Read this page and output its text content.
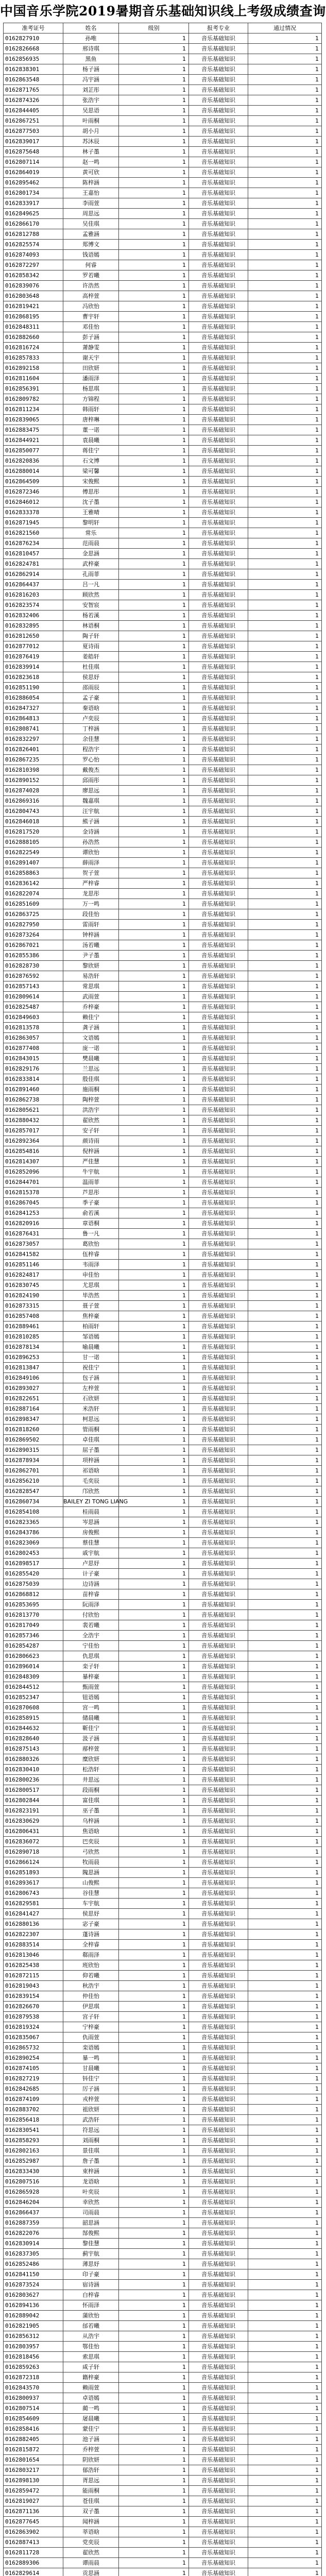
中国音乐学院2019暑期音乐基础知识线上考级成绩查询
准考证号	姓名	级别	报考专业	通过情况
0162827910	孙唯	1	音乐基础知识	1
0162826668	邢诗琪	1	音乐基础知识	1
0162856935	黑鱼	1	音乐基础知识	1
0162838301	杨子涵	1	音乐基础知识	1
0162863548	冯宇涵	1	音乐基础知识	1
0162871765	刘芷彤	1	音乐基础知识	1
0162874326	张浩宇	1	音乐基础知识	1
0162844405	吴思语	1	音乐基础知识	1
0162867251	叶雨桐	1	音乐基础知识	1
0162877503	胡小月	1	音乐基础知识	1
0162839017	苏沐辰	1	音乐基础知识	1
0162875648	林子墨	1	音乐基础知识	1
0162807114	赵一鸣	1	音乐基础知识	1
0162864019	黄可欣	1	音乐基础知识	1
0162895462	陈梓涵	1	音乐基础知识	1
0162801734	王嘉怡	1	音乐基础知识	1
0162833917	李雨萱	1	音乐基础知识	1
0162849625	周思远	1	音乐基础知识	1
0162866170	吴佳琪	1	音乐基础知识	1
0162812788	孟雅涵	1	音乐基础知识	1
0162825574	郑博文	1	音乐基础知识	1
0162874093	钱语嫣	1	音乐基础知识	1
0162872297	何睿	1	音乐基础知识	1
0162858342	罗若曦	1	音乐基础知识	1
0162839076	许浩然	1	音乐基础知识	1
0162803648	高梓萱	1	音乐基础知识	1
0162819421	冯欣怡	1	音乐基础知识	1
0162868195	曹宇轩	1	音乐基础知识	1
0162848311	邓佳怡	1	音乐基础知识	1
0162882660	彭子涵	1	音乐基础知识	1
0162816724	萧静雯	1	音乐基础知识	1
0162857833	谢天宇	1	音乐基础知识	1
0162892158	田欣妍	1	音乐基础知识	1
0162811604	潘雨泽	1	音乐基础知识	1
0162856391	杨思琪	1	音乐基础知识	1
0162809782	方锦程	1	音乐基础知识	1
0162811234	韩雨轩	1	音乐基础知识	1
0162839065	唐梓琳	1	音乐基础知识	1
0162883475	董一诺	1	音乐基础知识	1
0162844921	袁晨曦	1	音乐基础知识	1
0162850077	蒋佳宁	1	音乐基础知识	1
0162820836	石文博	1	音乐基础知识	1
0162880014	梁可馨	1	音乐基础知识	1
0162864509	宋俊熙	1	音乐基础知识	1
0162872346	傅思彤	1	音乐基础知识	1
0162846012	沈子墨	1	音乐基础知识	1
0162833378	王雅晴	1	音乐基础知识	1
0162871945	黎明轩	1	音乐基础知识	1
0162821560	常乐	1	音乐基础知识	1
0162876234	范雨晨	1	音乐基础知识	1
0162810457	金思涵	1	音乐基础知识	1
0162824781	武梓豪	1	音乐基础知识	1
0162862914	孔雨菲	1	音乐基础知识	1
0162864437	吕一凡	1	音乐基础知识	1
0162816203	顾欣然	1	音乐基础知识	1
0162823574	安智宸	1	音乐基础知识	1
0162832406	杨若溪	1	音乐基础知识	1
0162832895	林语桐	1	音乐基础知识	1
0162812650	陶子轩	1	音乐基础知识	1
0162877012	夏诗雨	1	音乐基础知识	1
0162876419	姜皓轩	1	音乐基础知识	1
0162839914	杜佳琪	1	音乐基础知识	1
0162823618	侯思妤	1	音乐基础知识	1
0162851190	邵雨辰	1	音乐基础知识	1
0162886054	孟子豪	1	音乐基础知识	1
0162847327	秦语晗	1	音乐基础知识	1
0162864813	卢奕辰	1	音乐基础知识	1
0162808741	丁梓涵	1	音乐基础知识	1
0162832297	余佳慧	1	音乐基础知识	1
0162826401	程浩宇	1	音乐基础知识	1
0162867235	罗心怡	1	音乐基础知识	1
0162810398	戴俊杰	1	音乐基础知识	1
0162890152	邱雨彤	1	音乐基础知识	1
0162874028	廖思远	1	音乐基础知识	1
0162869316	魏嘉琪	1	音乐基础知识	1
0162804743	汪宇航	1	音乐基础知识	1
0162846018	熊子涵	1	音乐基础知识	1
0162817520	金诗涵	1	音乐基础知识	1
0162888105	孙浩然	1	音乐基础知识	1
0162822549	谭欣怡	1	音乐基础知识	1
0162891407	薛雨泽	1	音乐基础知识	1
0162858863	贺子萱	1	音乐基础知识	1
0162836142	严梓睿	1	音乐基础知识	1
0162822074	龙思彤	1	音乐基础知识	1
0162851609	万一鸣	1	音乐基础知识	1
0162863725	段佳怡	1	音乐基础知识	1
0162827950	雷雨轩	1	音乐基础知识	1
0162873264	钟梓涵	1	音乐基础知识	1
0162867021	汤若曦	1	音乐基础知识	1
0162855386	尹子墨	1	音乐基础知识	1
0162828730	黎欣妍	1	音乐基础知识	1
0162876592	易浩轩	1	音乐基础知识	1
0162857143	常思琪	1	音乐基础知识	1
0162809614	武雨萱	1	音乐基础知识	1
0162825487	乔梓豪	1	音乐基础知识	1
0162849603	赖佳宁	1	音乐基础知识	1
0162813578	龚子涵	1	音乐基础知识	1
0162863057	文语嫣	1	音乐基础知识	1
0162877408	庞一诺	1	音乐基础知识	1
0162843015	樊晨曦	1	音乐基础知识	1
0162829176	兰思远	1	音乐基础知识	1
0162833814	殷佳琪	1	音乐基础知识	1
0162891460	施雨桐	1	音乐基础知识	1
0162862738	陶梓萱	1	音乐基础知识	1
0162805621	洪浩宇	1	音乐基础知识	1
0162880432	翟欣然	1	音乐基础知识	1
0162857017	安子轩	1	音乐基础知识	1
0162892364	颜诗雨	1	音乐基础知识	1
0162854816	倪梓涵	1	音乐基础知识	1
0162814307	严佳慧	1	音乐基础知识	1
0162852096	牛宇航	1	音乐基础知识	1
0162844701	温雨菲	1	音乐基础知识	1
0162815378	芦思彤	1	音乐基础知识	1
0162867045	季子豪	1	音乐基础知识	1
0162841253	俞若溪	1	音乐基础知识	1
0162820916	章语桐	1	音乐基础知识	1
0162876431	鲁一凡	1	音乐基础知识	1
0162873057	葛欣怡	1	音乐基础知识	1
0162841582	伍梓睿	1	音乐基础知识	1
0162851146	韦雨泽	1	音乐基础知识	1
0162824817	申佳怡	1	音乐基础知识	1
0162830745	尤思琪	1	音乐基础知识	1
0162824190	毕浩然	1	音乐基础知识	1
0162873315	聂子萱	1	音乐基础知识	1
0162857408	焦梓豪	1	音乐基础知识	1
0162889461	柏雨轩	1	音乐基础知识	1
0162810285	邹语嫣	1	音乐基础知识	1
0162878134	喻晨曦	1	音乐基础知识	1
0162896253	甘一诺	1	音乐基础知识	1
0162813847	祝佳宁	1	音乐基础知识	1
0162849106	包子涵	1	音乐基础知识	1
0162893027	左梓萱	1	音乐基础知识	1
0162822651	石欣妍	1	音乐基础知识	1
0162887164	米浩轩	1	音乐基础知识	1
0162898347	柯思远	1	音乐基础知识	1
0162818260	管雨桐	1	音乐基础知识	1
0162869502	卓佳琪	1	音乐基础知识	1
0162890315	屈子墨	1	音乐基础知识	1
0162878934	项梓涵	1	音乐基础知识	1
0162862701	祁语晗	1	音乐基础知识	1
0162856210	毛奕辰	1	音乐基础知识	1
0162828547	邝欣然	1	音乐基础知识	1
0162860734	BAILEY ZI TONG LIANG	1	音乐基础知识	1
0162854108	桂雨晨	1	音乐基础知识	1
0162823365	岑思涵	1	音乐基础知识	1
0162843786	房俊熙	1	音乐基础知识	1
0162823069	蔡佳慧	1	音乐基础知识	1
0162802453	戚宇航	1	音乐基础知识	1
0162898517	卢思妤	1	音乐基础知识	1
0162855420	计子豪	1	音乐基础知识	1
0162875039	边诗涵	1	音乐基础知识	1
0162868812	苗梓睿	1	音乐基础知识	1
0162853695	阮雨泽	1	音乐基础知识	1
0162813770	付欣怡	1	音乐基础知识	1
0162817049	裴若曦	1	音乐基础知识	1
0162857346	全浩宇	1	音乐基础知识	1
0162854287	宁佳怡	1	音乐基础知识	1
0162806623	仇思琪	1	音乐基础知识	1
0162896014	栾子轩	1	音乐基础知识	1
0162848309	暴梓豪	1	音乐基础知识	1
0162844512	甄雨萱	1	音乐基础知识	1
0162852347	钮语嫣	1	音乐基础知识	1
0162870608	宫一鸣	1	音乐基础知识	1
0162858915	储晨曦	1	音乐基础知识	1
0162844632	靳佳宁	1	音乐基础知识	1
0162828640	汲子涵	1	音乐基础知识	1
0162875143	邴梓萱	1	音乐基础知识	1
0162880326	糜欣妍	1	音乐基础知识	1
0162830410	松浩轩	1	音乐基础知识	1
0162800236	井思远	1	音乐基础知识	1
0162800517	段雨桐	1	音乐基础知识	1
0162802844	富佳琪	1	音乐基础知识	1
0162823191	巫子墨	1	音乐基础知识	1
0162830629	乌梓涵	1	音乐基础知识	1
0162806431	焦语晗	1	音乐基础知识	1
0162836072	巴奕辰	1	音乐基础知识	1
0162890718	弓欣然	1	音乐基础知识	1
0162866124	牧雨晨	1	音乐基础知识	1
0162851893	隗思涵	1	音乐基础知识	1
0162893617	山俊熙	1	音乐基础知识	1
0162806743	谷佳慧	1	音乐基础知识	1
0162829581	车宇航	1	音乐基础知识	1
0162841427	侯思妤	1	音乐基础知识	1
0162880136	宓子豪	1	音乐基础知识	1
0162822307	蓬诗涵	1	音乐基础知识	1
0162883514	全梓睿	1	音乐基础知识	1
0162813046	郗雨泽	1	音乐基础知识	1
0162825438	班欣怡	1	音乐基础知识	1
0162872115	仰若曦	1	音乐基础知识	1
0162819043	秋浩宇	1	音乐基础知识	1
0162839154	仲佳怡	1	音乐基础知识	1
0162826670	伊思琪	1	音乐基础知识	1
0162879538	宫子轩	1	音乐基础知识	1
0162819324	宁梓豪	1	音乐基础知识	1
0162835067	仇雨萱	1	音乐基础知识	1
0162865732	栾语嫣	1	音乐基础知识	1
0162890254	暴一鸣	1	音乐基础知识	1
0162874105	甘晨曦	1	音乐基础知识	1
0162827219	钭佳宁	1	音乐基础知识	1
0162842685	厉子涵	1	音乐基础知识	1
0162874109	戎梓萱	1	音乐基础知识	1
0162883702	祖欣妍	1	音乐基础知识	1
0162856418	武浩轩	1	音乐基础知识	1
0162830541	符思远	1	音乐基础知识	1
0162858293	刘雨桐	1	音乐基础知识	1
0162802163	景佳琪	1	音乐基础知识	1
0162852987	詹子墨	1	音乐基础知识	1
0162833430	束梓涵	1	音乐基础知识	1
0162807516	龙语晗	1	音乐基础知识	1
0162865928	叶奕辰	1	音乐基础知识	1
0162846204	幸欣然	1	音乐基础知识	1
0162866437	司雨晨	1	音乐基础知识	1
0162887359	韶思涵	1	音乐基础知识	1
0162822076	郜俊熙	1	音乐基础知识	1
0162830914	黎佳慧	1	音乐基础知识	1
0162837305	蓟宇航	1	音乐基础知识	1
0162852486	薄思妤	1	音乐基础知识	1
0162841150	印子豪	1	音乐基础知识	1
0162873524	宿诗涵	1	音乐基础知识	1
0162803627	白梓睿	1	音乐基础知识	1
0162894136	怀雨泽	1	音乐基础知识	1
0162889042	蒲欣怡	1	音乐基础知识	1
0162821905	邰若曦	1	音乐基础知识	1
0162856312	从浩宇	1	音乐基础知识	1
0162803957	鄂佳怡	1	音乐基础知识	1
0162818456	索思琪	1	音乐基础知识	1
0162859263	咸子轩	1	音乐基础知识	1
0162872318	籍梓豪	1	音乐基础知识	1
0162843570	赖雨萱	1	音乐基础知识	1
0162800937	卓语嫣	1	音乐基础知识	1
0162807514	蔺一鸣	1	音乐基础知识	1
0162854609	屠晨曦	1	音乐基础知识	1
0162858416	蒙佳宁	1	音乐基础知识	1
0162882405	池子涵	1	音乐基础知识	1
0162815872	乔梓萱	1	音乐基础知识	1
0162801654	阴欣妍	1	音乐基础知识	1
0162803217	郁浩轩	1	音乐基础知识	1
0162898130	胥思远	1	音乐基础知识	1
0162859472	能雨桐	1	音乐基础知识	1
0162819027	苍佳琪	1	音乐基础知识	1
0162871136	双子墨	1	音乐基础知识	1
0162877645	闻梓涵	1	音乐基础知识	1
0162863902	莘语晗	1	音乐基础知识	1
0162887413	党奕辰	1	音乐基础知识	1
0162811728	翟欣然	1	音乐基础知识	1
0162889306	谭雨晨	1	音乐基础知识	1
0162829614	贡思涵	1	音乐基础知识	1
